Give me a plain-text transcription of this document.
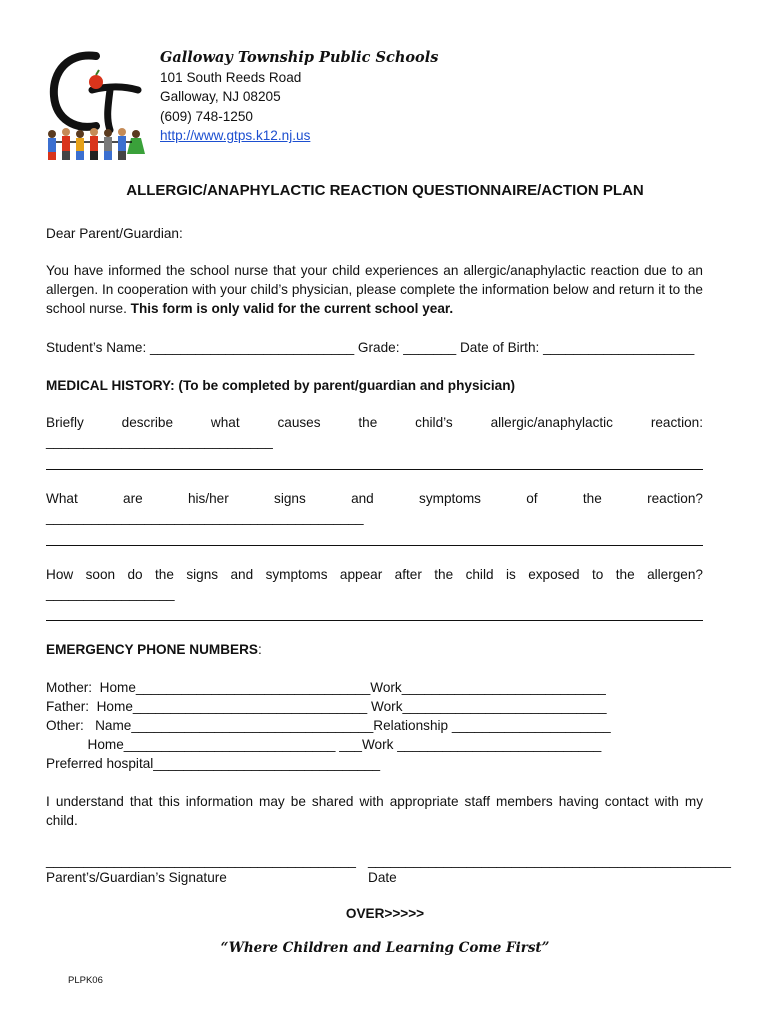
Galloway Township Public Schools
101 South Reeds Road
Galloway, NJ 08205
(609) 748-1250
http://www.gtps.k12.nj.us
ALLERGIC/ANAPHYLACTIC REACTION QUESTIONNAIRE/ACTION PLAN
Dear Parent/Guardian:
You have informed the school nurse that your child experiences an allergic/anaphylactic reaction due to an allergen. In cooperation with your child’s physician, please complete the information below and return it to the school nurse. This form is only valid for the current school year.
Student’s Name: ___________________________ Grade: _______ Date of Birth: ____________________
MEDICAL HISTORY: (To be completed by parent/guardian and physician)
Briefly	describe	what	causes	the	child’s	allergic/anaphylactic	reaction:
______________________________
What	are	his/her	signs	and	symptoms	of	the	reaction?
__________________________________________
How soon do the signs and symptoms appear after the child is exposed to the allergen?
_________________
EMERGENCY PHONE NUMBERS:
Mother:  Home_______________________________Work___________________________
Father:  Home_______________________________ Work___________________________
Other:   Name________________________________Relationship _____________________
Home____________________________ ___Work ___________________________
Preferred hospital______________________________
I understand that this information may be shared with appropriate staff members having contact with my child.
_________________________________________ ________________________________________________
Parent’s/Guardian’s Signature	Date
OVER>>>>>
“Where Children and Learning Come First”
PLPK06
